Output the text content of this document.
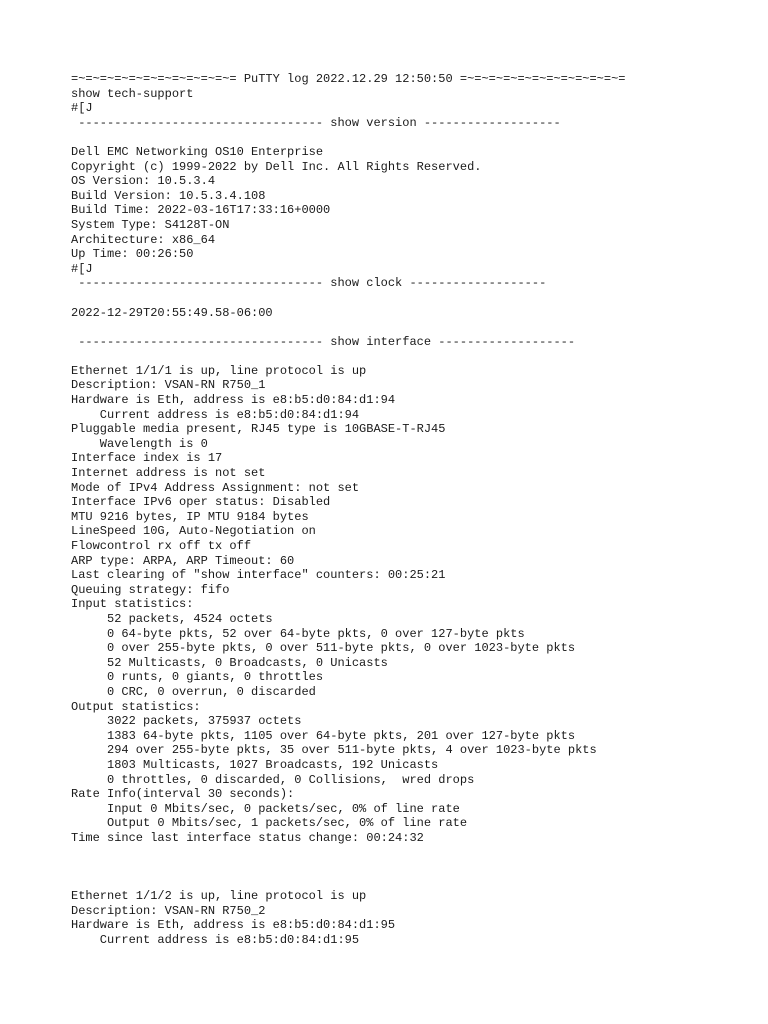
=~=~=~=~=~=~=~=~=~=~=~= PuTTY log 2022.12.29 12:50:50 =~=~=~=~=~=~=~=~=~=~=~=
show tech-support
#[J
---------------------------------- show version -------------------
Dell EMC Networking OS10 Enterprise
Copyright (c) 1999-2022 by Dell Inc. All Rights Reserved.
OS Version: 10.5.3.4
Build Version: 10.5.3.4.108
Build Time: 2022-03-16T17:33:16+0000
System Type: S4128T-ON
Architecture: x86_64
Up Time: 00:26:50
#[J
---------------------------------- show clock -------------------
2022-12-29T20:55:49.58-06:00
---------------------------------- show interface -------------------
Ethernet 1/1/1 is up, line protocol is up
Description: VSAN-RN R750_1
Hardware is Eth, address is e8:b5:d0:84:d1:94
Current address is e8:b5:d0:84:d1:94
Pluggable media present, RJ45 type is 10GBASE-T-RJ45
Wavelength is 0
Interface index is 17
Internet address is not set
Mode of IPv4 Address Assignment: not set
Interface IPv6 oper status: Disabled
MTU 9216 bytes, IP MTU 9184 bytes
LineSpeed 10G, Auto-Negotiation on
Flowcontrol rx off tx off
ARP type: ARPA, ARP Timeout: 60
Last clearing of "show interface" counters: 00:25:21
Queuing strategy: fifo
Input statistics:
52 packets, 4524 octets
0 64-byte pkts, 52 over 64-byte pkts, 0 over 127-byte pkts
0 over 255-byte pkts, 0 over 511-byte pkts, 0 over 1023-byte pkts
52 Multicasts, 0 Broadcasts, 0 Unicasts
0 runts, 0 giants, 0 throttles
0 CRC, 0 overrun, 0 discarded
Output statistics:
3022 packets, 375937 octets
1383 64-byte pkts, 1105 over 64-byte pkts, 201 over 127-byte pkts
294 over 255-byte pkts, 35 over 511-byte pkts, 4 over 1023-byte pkts
1803 Multicasts, 1027 Broadcasts, 192 Unicasts
0 throttles, 0 discarded, 0 Collisions,  wred drops
Rate Info(interval 30 seconds):
Input 0 Mbits/sec, 0 packets/sec, 0% of line rate
Output 0 Mbits/sec, 1 packets/sec, 0% of line rate
Time since last interface status change: 00:24:32
Ethernet 1/1/2 is up, line protocol is up
Description: VSAN-RN R750_2
Hardware is Eth, address is e8:b5:d0:84:d1:95
Current address is e8:b5:d0:84:d1:95
